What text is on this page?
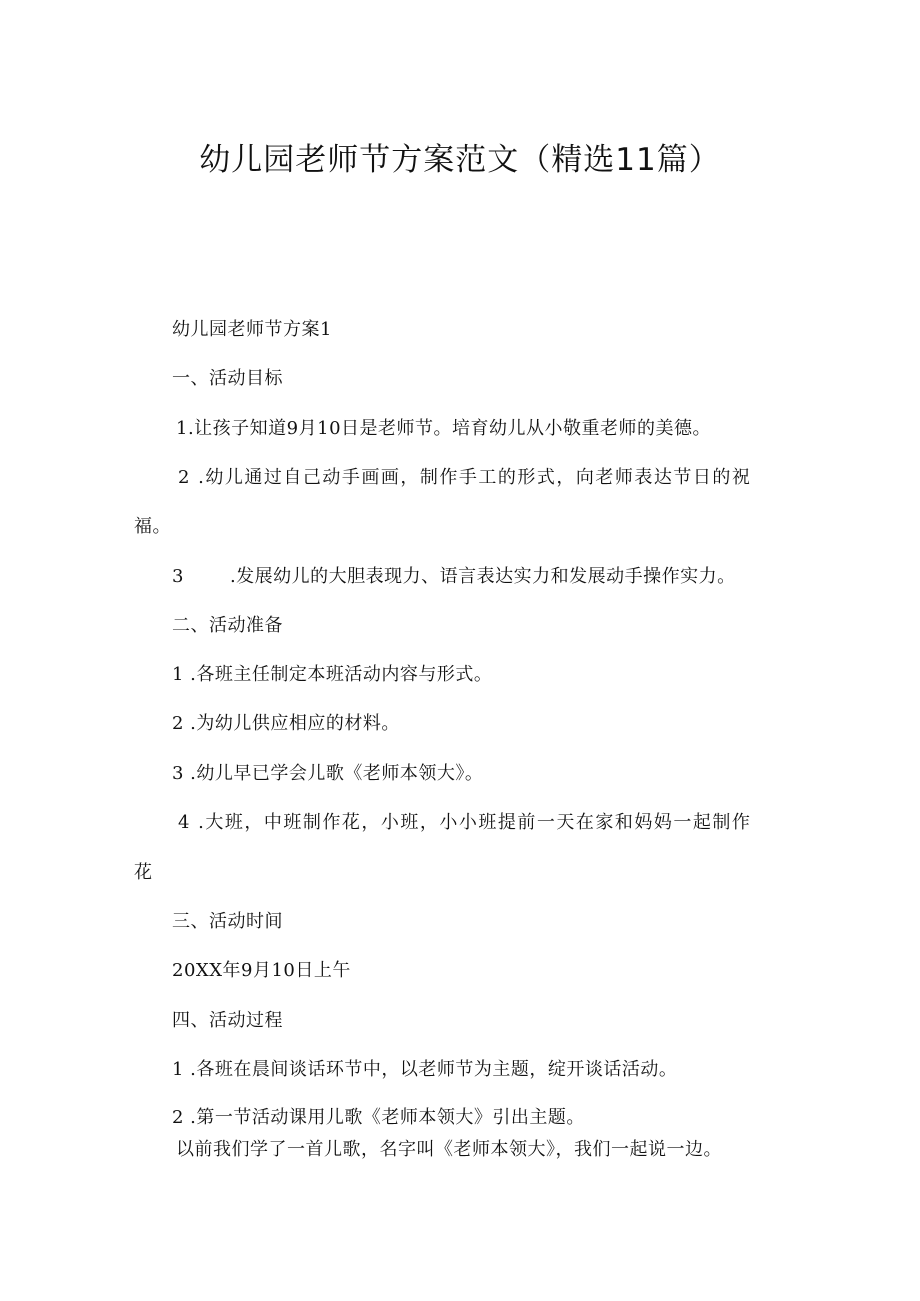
幼儿园老师节方案范文（精选11篇）
幼儿园老师节方案1
一、活动目标
1.让孩子知道9月10日是老师节。培育幼儿从小敬重老师的美德。
2 .幼儿通过自己动手画画，制作手工的形式，向老师表达节日的祝
福。
3	.发展幼儿的大胆表现力、语言表达实力和发展动手操作实力。
二、活动准备
1 .各班主任制定本班活动内容与形式。
2 .为幼儿供应相应的材料。
3 .幼儿早已学会儿歌《老师本领大》。
4 .大班，中班制作花，小班，小小班提前一天在家和妈妈一起制作
花
三、活动时间
20XX年9月10日上午
四、活动过程
1 .各班在晨间谈话环节中，以老师节为主题，绽开谈话活动。
2 .第一节活动课用儿歌《老师本领大》引出主题。
以前我们学了一首儿歌，名字叫《老师本领大》，我们一起说一边。
